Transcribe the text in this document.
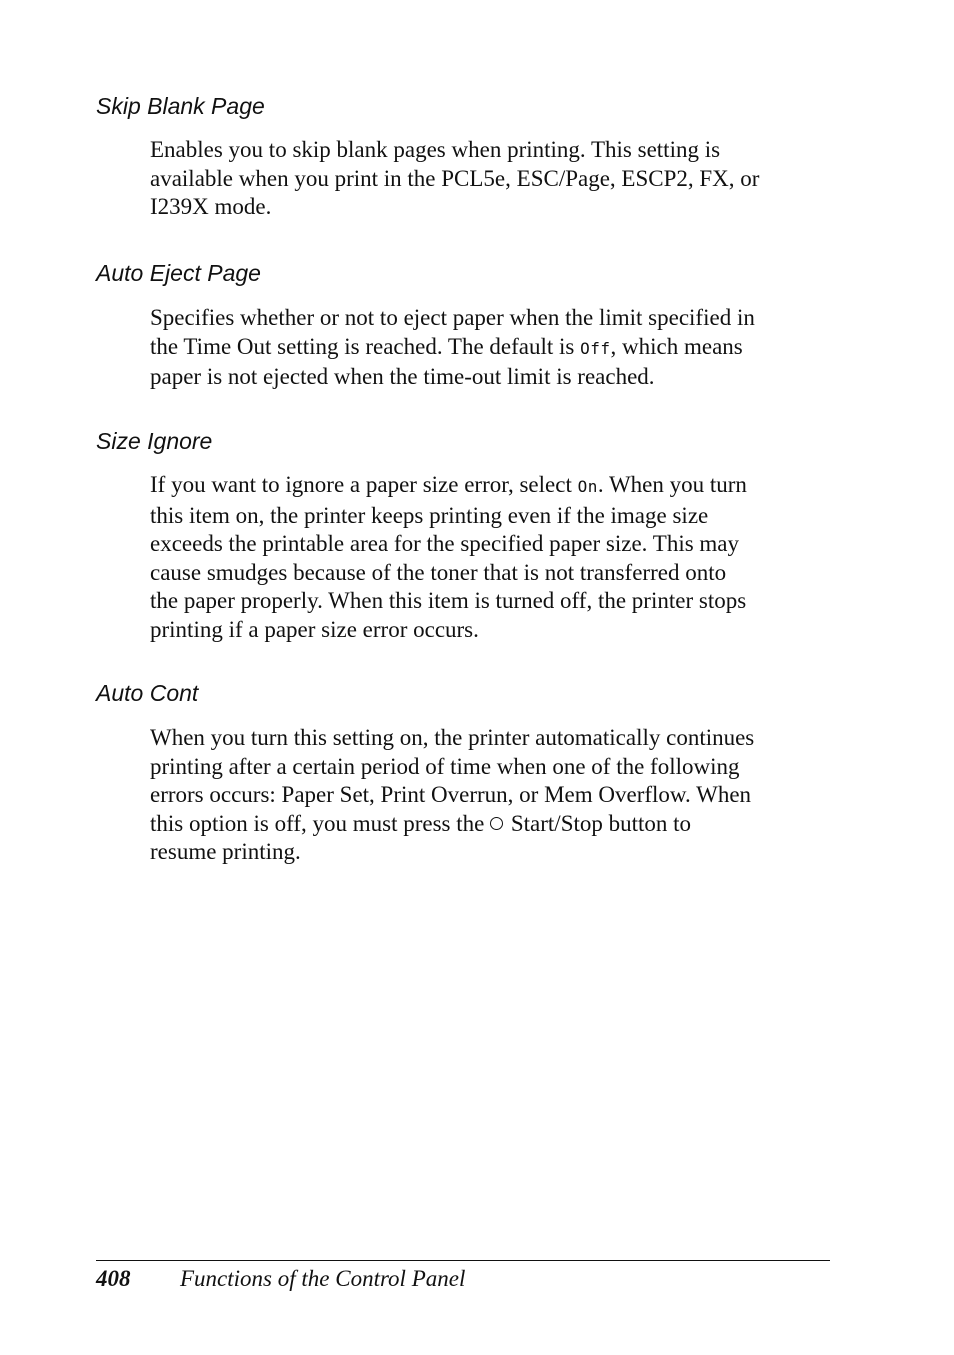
Skip Blank Page
Enables you to skip blank pages when printing. This setting is
available when you print in the PCL5e, ESC/Page, ESCP2, FX, or
I239X mode.
Auto Eject Page
Specifies whether or not to eject paper when the limit specified in
the Time Out setting is reached. The default is Off, which means
paper is not ejected when the time-out limit is reached.
Size Ignore
If you want to ignore a paper size error, select On. When you turn
this item on, the printer keeps printing even if the image size
exceeds the printable area for the specified paper size. This may
cause smudges because of the toner that is not transferred onto
the paper properly. When this item is turned off, the printer stops
printing if a paper size error occurs.
Auto Cont
When you turn this setting on, the printer automatically continues
printing after a certain period of time when one of the following
errors occurs: Paper Set, Print Overrun, or Mem Overflow. When
this option is off, you must press the  Start/Stop button to
resume printing.
408 Functions of the Control Panel
